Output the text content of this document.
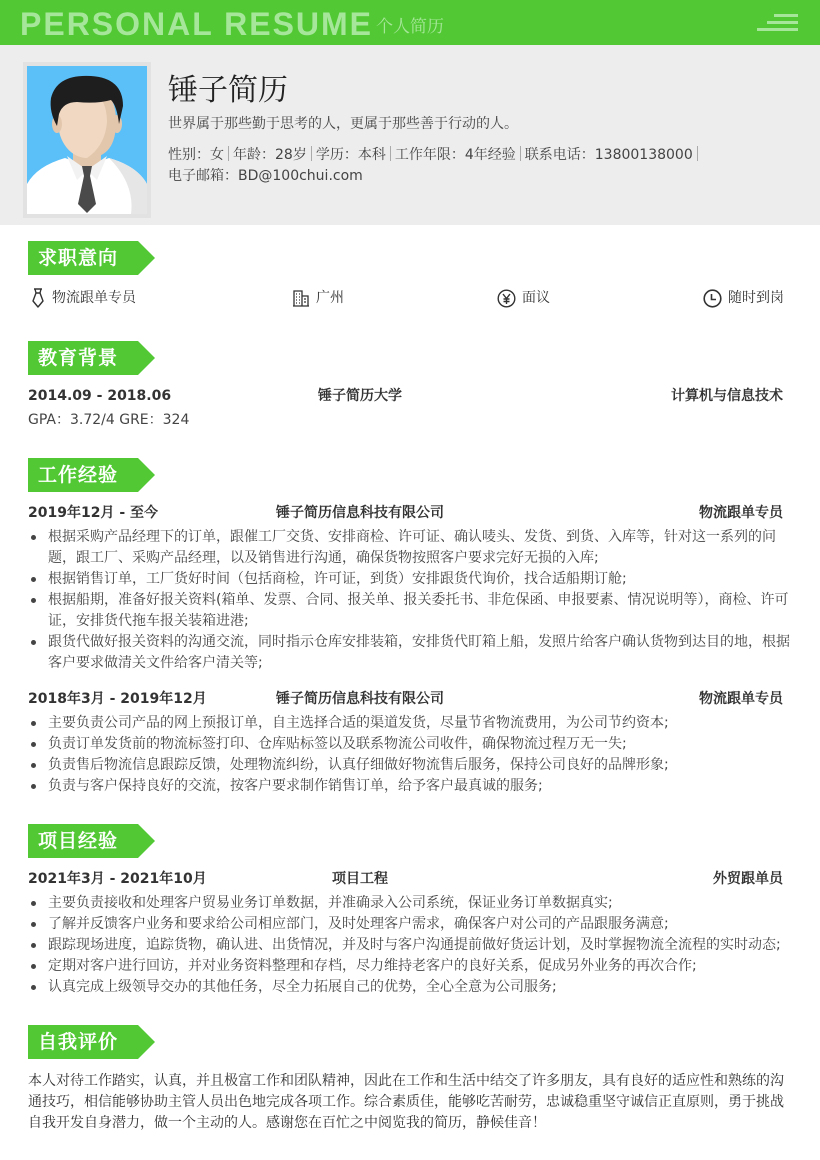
PERSONAL RESUME 个人简历
锤子简历
世界属于那些勤于思考的人，更属于那些善于行动的人。
性别：女 年龄：28岁 学历：本科 工作年限：4年经验 联系电话：13800138000
电子邮箱：BD@100chui.com
求职意向
物流跟单专员	广州	面议	随时到岗
教育背景
2014.09 - 2018.06	锤子简历大学	计算机与信息技术
GPA：3.72/4 GRE：324
工作经验
2019年12月 - 至今	锤子简历信息科技有限公司	物流跟单专员
根据采购产品经理下的订单，跟催工厂交货、安排商检、许可证、确认唛头、发货、到货、入库等，针对这一系列的问题，跟工厂、采购产品经理，以及销售进行沟通，确保货物按照客户要求完好无损的入库;
根据销售订单，工厂货好时间（包括商检，许可证，到货）安排跟货代询价，找合适船期订舱;
根据船期，准备好报关资料(箱单、发票、合同、报关单、报关委托书、非危保函、申报要素、情况说明等），商检、许可证，安排货代拖车报关装箱进港;
跟货代做好报关资料的沟通交流，同时指示仓库安排装箱，安排货代盯箱上船，发照片给客户确认货物到达目的地，根据客户要求做清关文件给客户清关等;
2018年3月 - 2019年12月	锤子简历信息科技有限公司	物流跟单专员
主要负责公司产品的网上预报订单，自主选择合适的渠道发货，尽量节省物流费用，为公司节约资本;
负责订单发货前的物流标签打印、仓库贴标签以及联系物流公司收件，确保物流过程万无一失;
负责售后物流信息跟踪反馈，处理物流纠纷，认真仔细做好物流售后服务，保持公司良好的品牌形象;
负责与客户保持良好的交流，按客户要求制作销售订单，给予客户最真诚的服务;
项目经验
2021年3月 - 2021年10月	项目工程	外贸跟单员
主要负责接收和处理客户贸易业务订单数据，并准确录入公司系统，保证业务订单数据真实;
了解并反馈客户业务和要求给公司相应部门，及时处理客户需求，确保客户对公司的产品跟服务满意;
跟踪现场进度，追踪货物，确认进、出货情况，并及时与客户沟通提前做好货运计划，及时掌握物流全流程的实时动态;
定期对客户进行回访，并对业务资料整理和存档，尽力维持老客户的良好关系，促成另外业务的再次合作;
认真完成上级领导交办的其他任务，尽全力拓展自己的优势，全心全意为公司服务;
自我评价
本人对待工作踏实，认真，并且极富工作和团队精神，因此在工作和生活中结交了许多朋友，具有良好的适应性和熟练的沟通技巧，相信能够协助主管人员出色地完成各项工作。综合素质佳，能够吃苦耐劳，忠诚稳重坚守诚信正直原则，勇于挑战自我开发自身潜力，做一个主动的人。感谢您在百忙之中阅览我的简历，静候佳音！
